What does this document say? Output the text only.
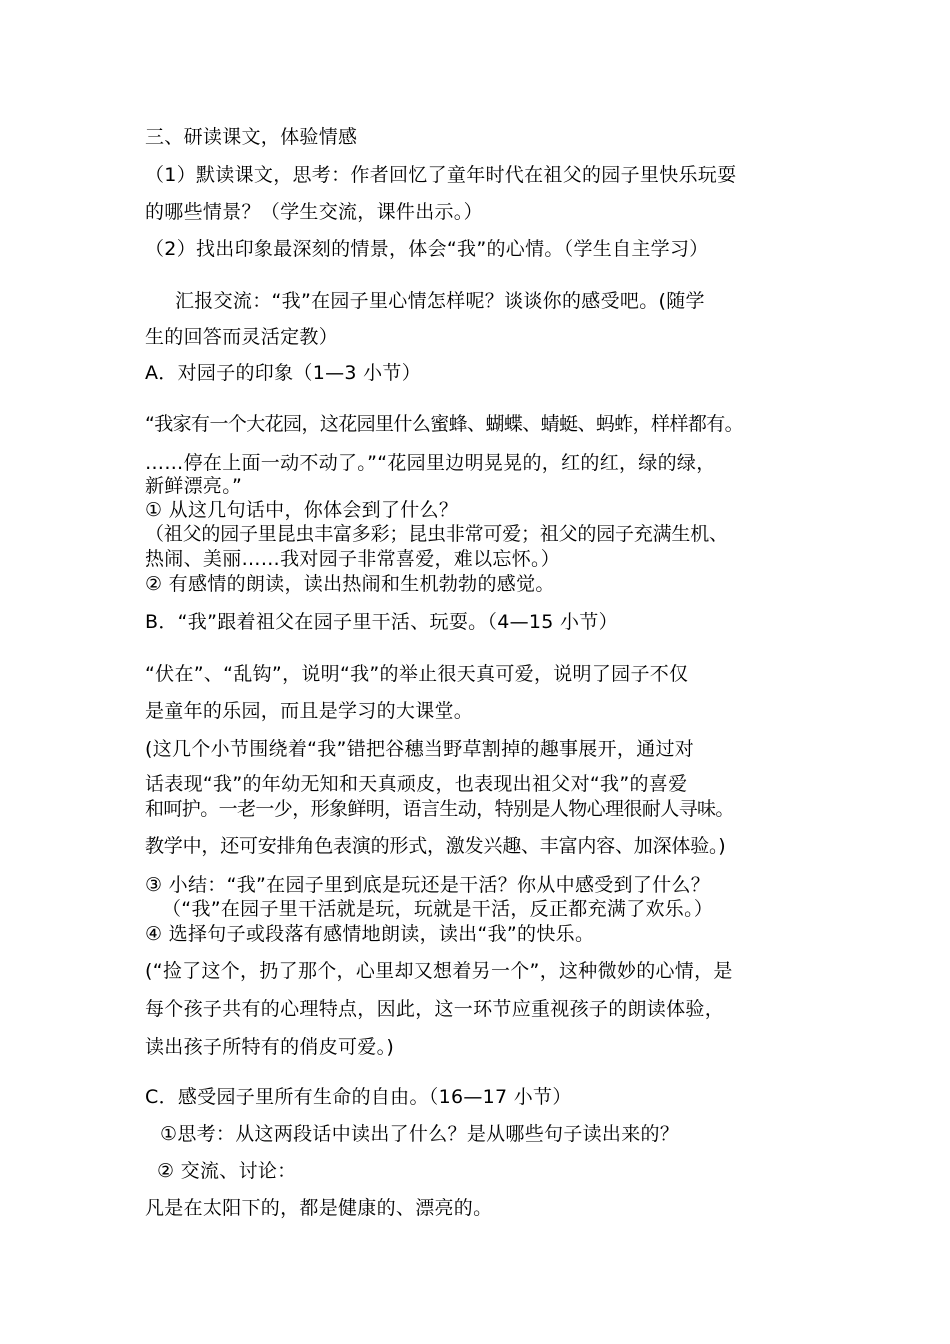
三、研读课文，体验情感
（1）默读课文，思考：作者回忆了童年时代在祖父的园子里快乐玩耍
的哪些情景？（学生交流，课件出示。）
（2）找出印象最深刻的情景，体会“我”的心情。（学生自主学习）
汇报交流：“我”在园子里心情怎样呢？谈谈你的感受吧。(随学
生的回答而灵活定教）
A．对园子的印象（1—3 小节）
“我家有一个大花园，这花园里什么蜜蜂、蝴蝶、蜻蜓、蚂蚱，样样都有。
……停在上面一动不动了。”“花园里边明晃晃的，红的红，绿的绿，
新鲜漂亮。”
① 从这几句话中，你体会到了什么？
（祖父的园子里昆虫丰富多彩；昆虫非常可爱；祖父的园子充满生机、
热闹、美丽……我对园子非常喜爱，难以忘怀。）
② 有感情的朗读，读出热闹和生机勃勃的感觉。
B．“我”跟着祖父在园子里干活、玩耍。（4—15 小节）
“伏在”、“乱钩”，说明“我”的举止很天真可爱，说明了园子不仅
是童年的乐园，而且是学习的大课堂。
(这几个小节围绕着“我”错把谷穗当野草割掉的趣事展开，通过对
话表现“我”的年幼无知和天真顽皮，也表现出祖父对“我”的喜爱
和呵护。一老一少，形象鲜明，语言生动，特别是人物心理很耐人寻味。
教学中，还可安排角色表演的形式，激发兴趣、丰富内容、加深体验。)
③ 小结：“我”在园子里到底是玩还是干活？你从中感受到了什么？
（“我”在园子里干活就是玩，玩就是干活，反正都充满了欢乐。）
④ 选择句子或段落有感情地朗读，读出“我”的快乐。
(“捡了这个，扔了那个，心里却又想着另一个”，这种微妙的心情，是
每个孩子共有的心理特点，因此，这一环节应重视孩子的朗读体验，
读出孩子所特有的俏皮可爱。)
C．感受园子里所有生命的自由。（16—17 小节）
①思考：从这两段话中读出了什么？是从哪些句子读出来的？
② 交流、讨论：
凡是在太阳下的，都是健康的、漂亮的。
